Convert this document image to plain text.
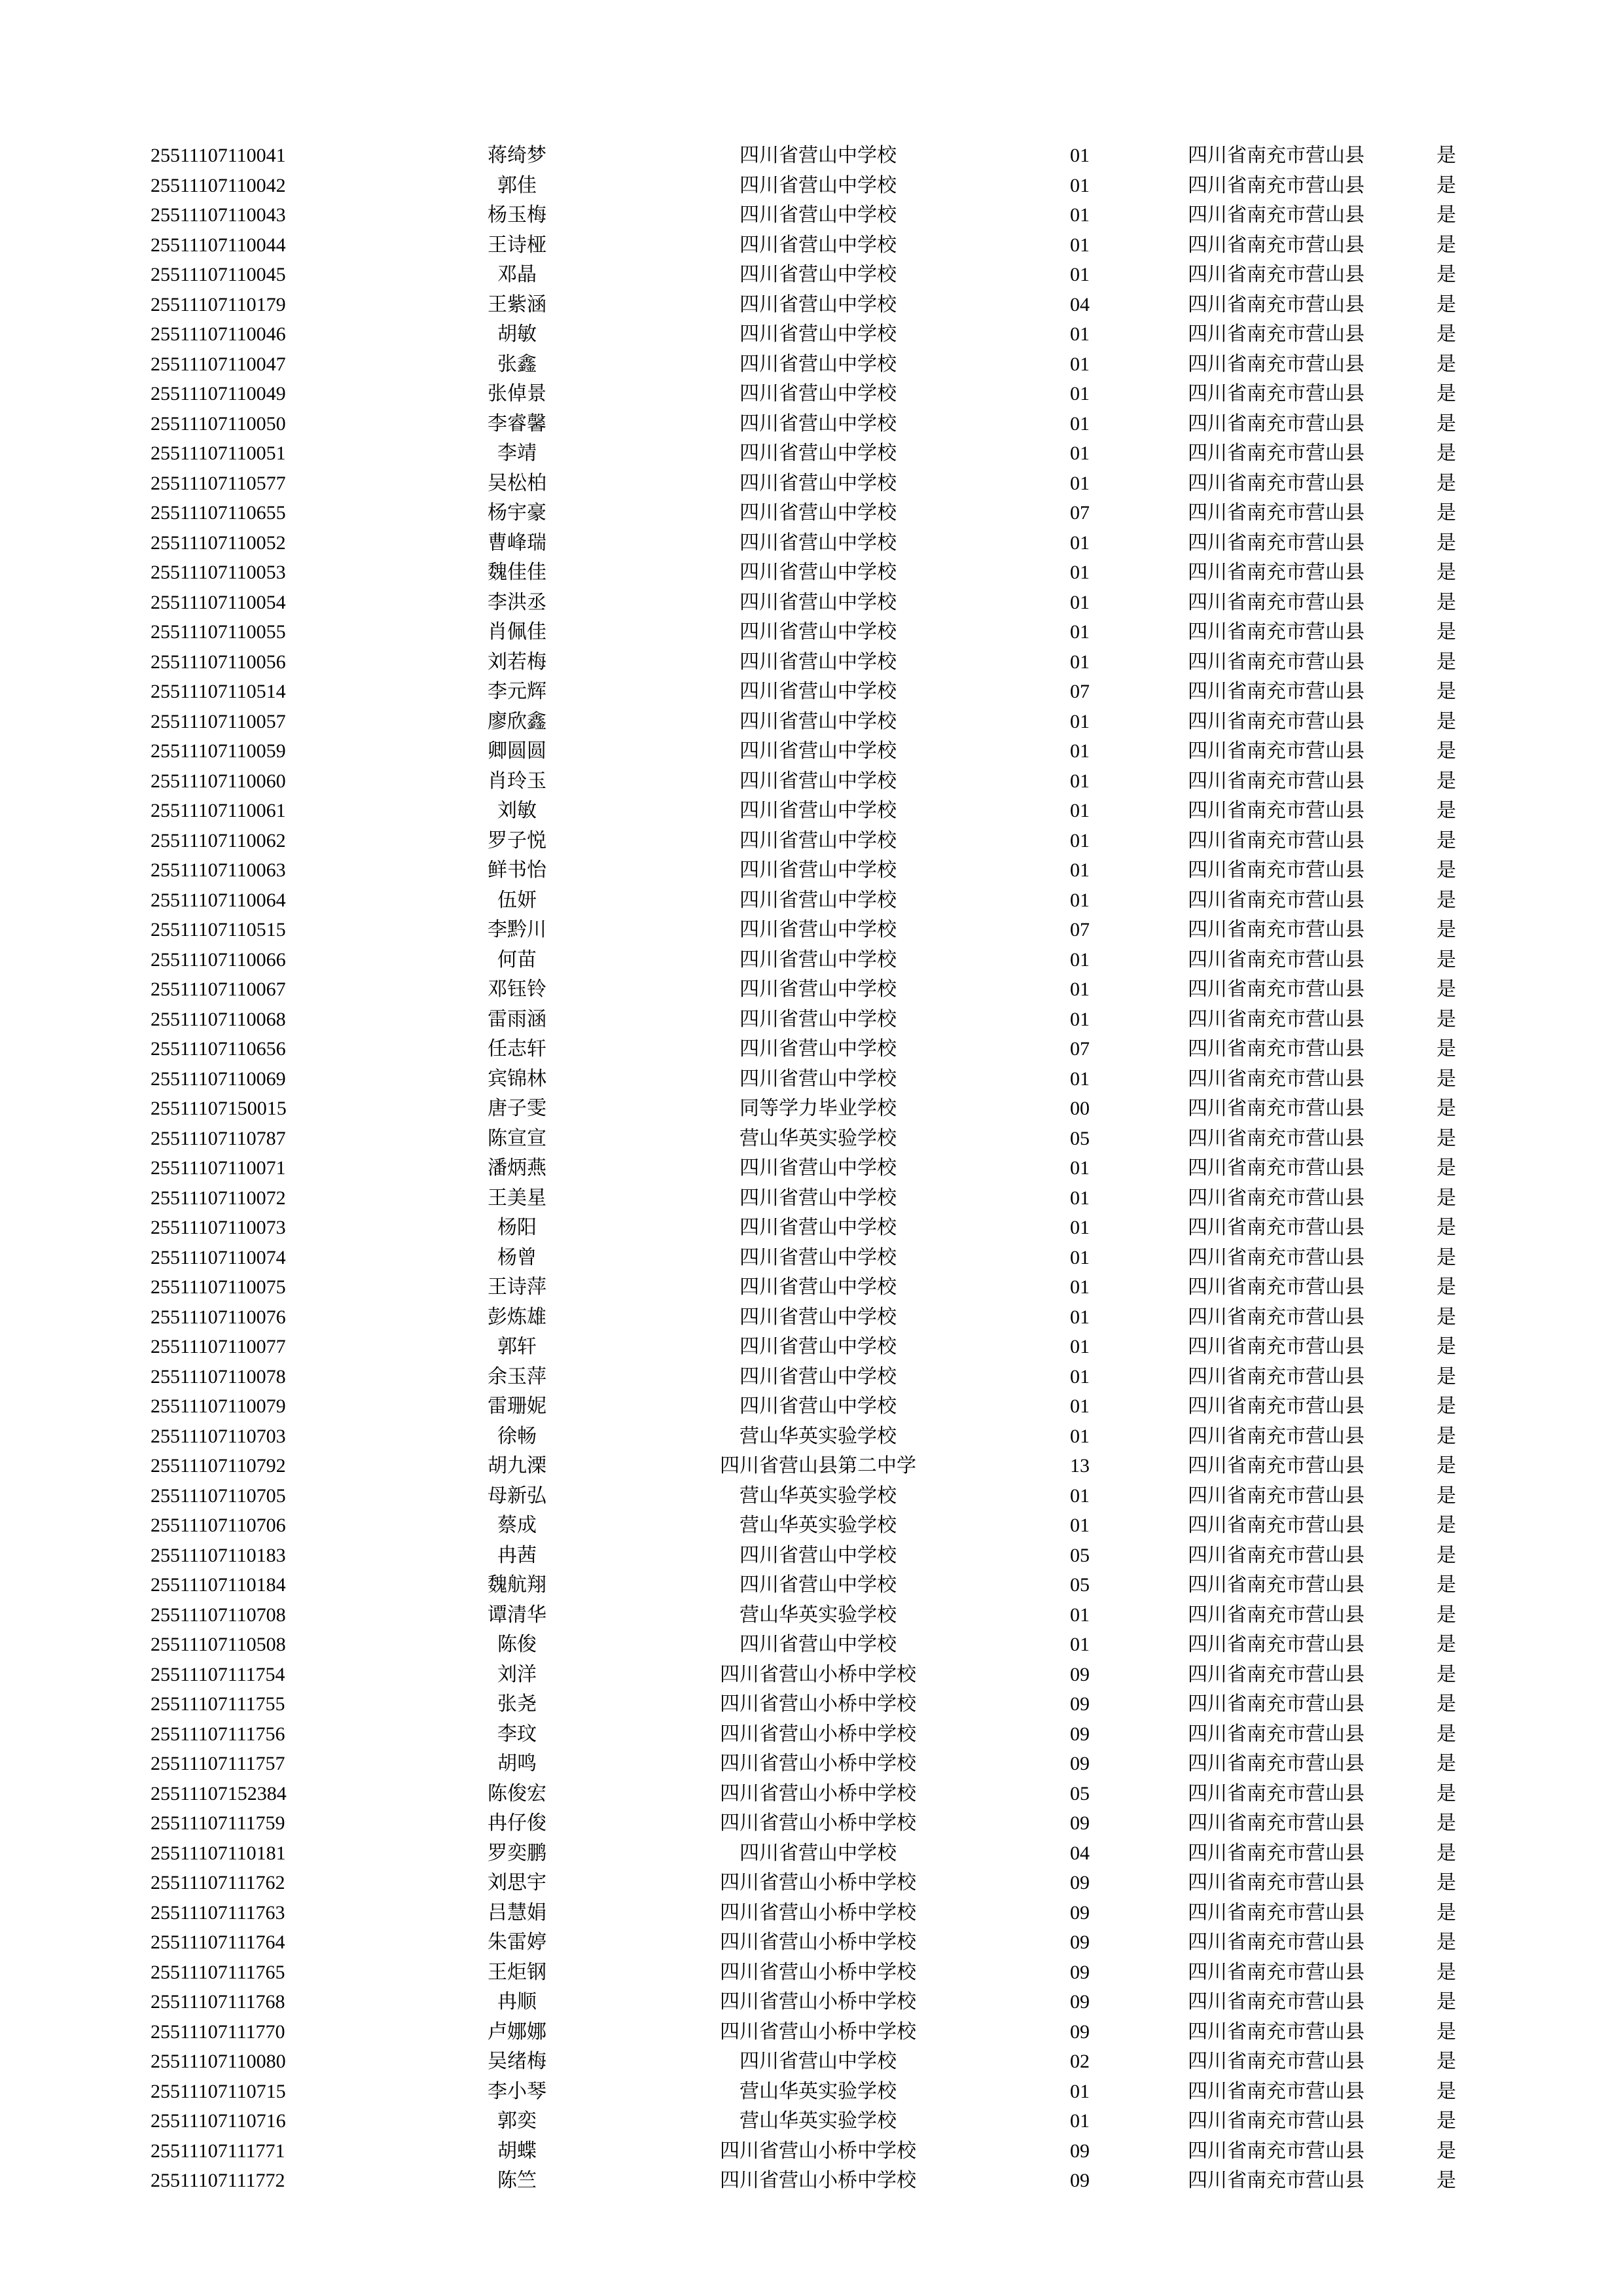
25511107110041	蒋绮梦	四川省营山中学校	01	四川省南充市营山县	是
25511107110042	郭佳	四川省营山中学校	01	四川省南充市营山县	是
25511107110043	杨玉梅	四川省营山中学校	01	四川省南充市营山县	是
25511107110044	王诗桠	四川省营山中学校	01	四川省南充市营山县	是
25511107110045	邓晶	四川省营山中学校	01	四川省南充市营山县	是
25511107110179	王紫涵	四川省营山中学校	04	四川省南充市营山县	是
25511107110046	胡敏	四川省营山中学校	01	四川省南充市营山县	是
25511107110047	张鑫	四川省营山中学校	01	四川省南充市营山县	是
25511107110049	张倬景	四川省营山中学校	01	四川省南充市营山县	是
25511107110050	李睿馨	四川省营山中学校	01	四川省南充市营山县	是
25511107110051	李靖	四川省营山中学校	01	四川省南充市营山县	是
25511107110577	吴松柏	四川省营山中学校	01	四川省南充市营山县	是
25511107110655	杨宇豪	四川省营山中学校	07	四川省南充市营山县	是
25511107110052	曹峰瑞	四川省营山中学校	01	四川省南充市营山县	是
25511107110053	魏佳佳	四川省营山中学校	01	四川省南充市营山县	是
25511107110054	李洪丞	四川省营山中学校	01	四川省南充市营山县	是
25511107110055	肖佩佳	四川省营山中学校	01	四川省南充市营山县	是
25511107110056	刘若梅	四川省营山中学校	01	四川省南充市营山县	是
25511107110514	李元辉	四川省营山中学校	07	四川省南充市营山县	是
25511107110057	廖欣鑫	四川省营山中学校	01	四川省南充市营山县	是
25511107110059	卿圆圆	四川省营山中学校	01	四川省南充市营山县	是
25511107110060	肖玲玉	四川省营山中学校	01	四川省南充市营山县	是
25511107110061	刘敏	四川省营山中学校	01	四川省南充市营山县	是
25511107110062	罗子悦	四川省营山中学校	01	四川省南充市营山县	是
25511107110063	鲜书怡	四川省营山中学校	01	四川省南充市营山县	是
25511107110064	伍妍	四川省营山中学校	01	四川省南充市营山县	是
25511107110515	李黔川	四川省营山中学校	07	四川省南充市营山县	是
25511107110066	何苗	四川省营山中学校	01	四川省南充市营山县	是
25511107110067	邓钰铃	四川省营山中学校	01	四川省南充市营山县	是
25511107110068	雷雨涵	四川省营山中学校	01	四川省南充市营山县	是
25511107110656	任志轩	四川省营山中学校	07	四川省南充市营山县	是
25511107110069	宾锦林	四川省营山中学校	01	四川省南充市营山县	是
25511107150015	唐子雯	同等学力毕业学校	00	四川省南充市营山县	是
25511107110787	陈宣宣	营山华英实验学校	05	四川省南充市营山县	是
25511107110071	潘炳燕	四川省营山中学校	01	四川省南充市营山县	是
25511107110072	王美星	四川省营山中学校	01	四川省南充市营山县	是
25511107110073	杨阳	四川省营山中学校	01	四川省南充市营山县	是
25511107110074	杨曾	四川省营山中学校	01	四川省南充市营山县	是
25511107110075	王诗萍	四川省营山中学校	01	四川省南充市营山县	是
25511107110076	彭炼雄	四川省营山中学校	01	四川省南充市营山县	是
25511107110077	郭轩	四川省营山中学校	01	四川省南充市营山县	是
25511107110078	余玉萍	四川省营山中学校	01	四川省南充市营山县	是
25511107110079	雷珊妮	四川省营山中学校	01	四川省南充市营山县	是
25511107110703	徐畅	营山华英实验学校	01	四川省南充市营山县	是
25511107110792	胡九溧	四川省营山县第二中学	13	四川省南充市营山县	是
25511107110705	母新弘	营山华英实验学校	01	四川省南充市营山县	是
25511107110706	蔡成	营山华英实验学校	01	四川省南充市营山县	是
25511107110183	冉茜	四川省营山中学校	05	四川省南充市营山县	是
25511107110184	魏航翔	四川省营山中学校	05	四川省南充市营山县	是
25511107110708	谭清华	营山华英实验学校	01	四川省南充市营山县	是
25511107110508	陈俊	四川省营山中学校	01	四川省南充市营山县	是
25511107111754	刘洋	四川省营山小桥中学校	09	四川省南充市营山县	是
25511107111755	张尧	四川省营山小桥中学校	09	四川省南充市营山县	是
25511107111756	李玟	四川省营山小桥中学校	09	四川省南充市营山县	是
25511107111757	胡鸣	四川省营山小桥中学校	09	四川省南充市营山县	是
25511107152384	陈俊宏	四川省营山小桥中学校	05	四川省南充市营山县	是
25511107111759	冉仔俊	四川省营山小桥中学校	09	四川省南充市营山县	是
25511107110181	罗奕鹏	四川省营山中学校	04	四川省南充市营山县	是
25511107111762	刘思宇	四川省营山小桥中学校	09	四川省南充市营山县	是
25511107111763	吕慧娟	四川省营山小桥中学校	09	四川省南充市营山县	是
25511107111764	朱雷婷	四川省营山小桥中学校	09	四川省南充市营山县	是
25511107111765	王炬钢	四川省营山小桥中学校	09	四川省南充市营山县	是
25511107111768	冉顺	四川省营山小桥中学校	09	四川省南充市营山县	是
25511107111770	卢娜娜	四川省营山小桥中学校	09	四川省南充市营山县	是
25511107110080	吴绪梅	四川省营山中学校	02	四川省南充市营山县	是
25511107110715	李小琴	营山华英实验学校	01	四川省南充市营山县	是
25511107110716	郭奕	营山华英实验学校	01	四川省南充市营山县	是
25511107111771	胡蝶	四川省营山小桥中学校	09	四川省南充市营山县	是
25511107111772	陈竺	四川省营山小桥中学校	09	四川省南充市营山县	是
